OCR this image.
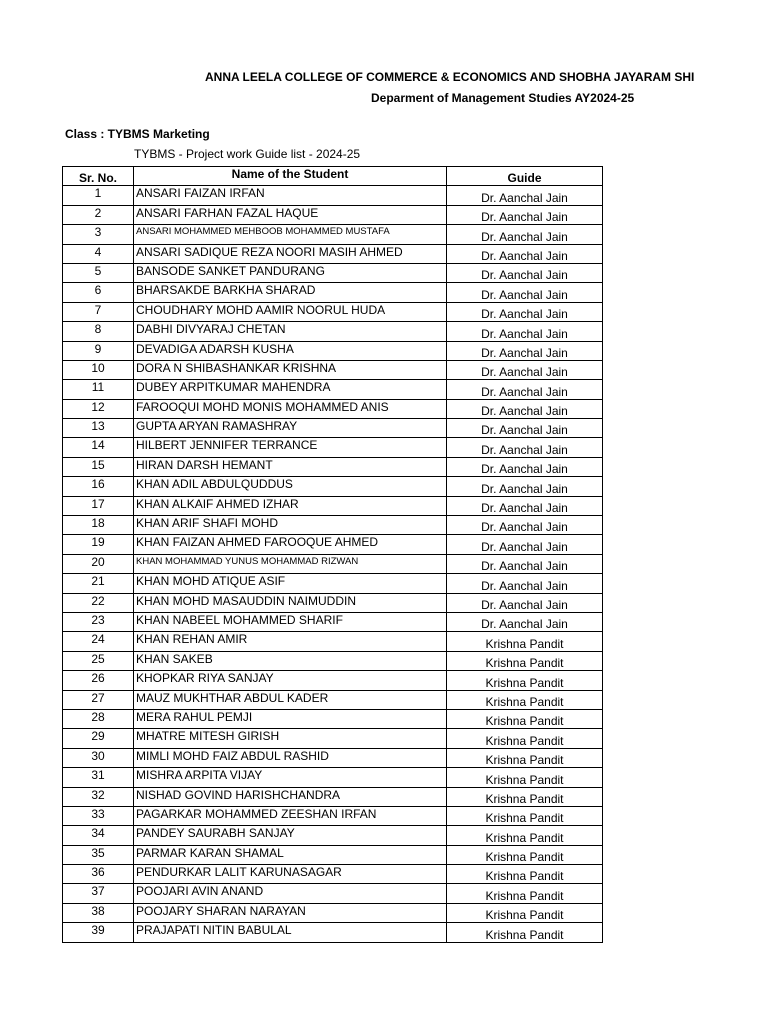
ANNA LEELA COLLEGE OF COMMERCE & ECONOMICS AND SHOBHA JAYARAM SHI
Deparment of Management Studies AY2024-25
Class : TYBMS Marketing
TYBMS - Project work Guide list - 2024-25
Sr. No.	Name of the Student	Guide
1	ANSARI FAIZAN IRFAN	Dr. Aanchal Jain
2	ANSARI FARHAN FAZAL HAQUE	Dr. Aanchal Jain
3	ANSARI MOHAMMED MEHBOOB MOHAMMED MUSTAFA	Dr. Aanchal Jain
4	ANSARI SADIQUE REZA NOORI MASIH AHMED	Dr. Aanchal Jain
5	BANSODE SANKET PANDURANG	Dr. Aanchal Jain
6	BHARSAKDE BARKHA SHARAD	Dr. Aanchal Jain
7	CHOUDHARY MOHD AAMIR NOORUL HUDA	Dr. Aanchal Jain
8	DABHI DIVYARAJ CHETAN	Dr. Aanchal Jain
9	DEVADIGA ADARSH KUSHA	Dr. Aanchal Jain
10	DORA N SHIBASHANKAR KRISHNA	Dr. Aanchal Jain
11	DUBEY ARPITKUMAR MAHENDRA	Dr. Aanchal Jain
12	FAROOQUI MOHD MONIS MOHAMMED ANIS	Dr. Aanchal Jain
13	GUPTA ARYAN RAMASHRAY	Dr. Aanchal Jain
14	HILBERT JENNIFER TERRANCE	Dr. Aanchal Jain
15	HIRAN DARSH HEMANT	Dr. Aanchal Jain
16	KHAN ADIL ABDULQUDDUS	Dr. Aanchal Jain
17	KHAN ALKAIF AHMED IZHAR	Dr. Aanchal Jain
18	KHAN ARIF SHAFI MOHD	Dr. Aanchal Jain
19	KHAN FAIZAN AHMED FAROOQUE AHMED	Dr. Aanchal Jain
20	KHAN MOHAMMAD YUNUS MOHAMMAD RIZWAN	Dr. Aanchal Jain
21	KHAN MOHD ATIQUE ASIF	Dr. Aanchal Jain
22	KHAN MOHD MASAUDDIN NAIMUDDIN	Dr. Aanchal Jain
23	KHAN NABEEL MOHAMMED SHARIF	Dr. Aanchal Jain
24	KHAN REHAN AMIR	Krishna Pandit
25	KHAN SAKEB	Krishna Pandit
26	KHOPKAR RIYA SANJAY	Krishna Pandit
27	MAUZ MUKHTHAR ABDUL KADER	Krishna Pandit
28	MERA RAHUL PEMJI	Krishna Pandit
29	MHATRE MITESH GIRISH	Krishna Pandit
30	MIMLI MOHD FAIZ ABDUL RASHID	Krishna Pandit
31	MISHRA ARPITA VIJAY	Krishna Pandit
32	NISHAD GOVIND HARISHCHANDRA	Krishna Pandit
33	PAGARKAR MOHAMMED ZEESHAN IRFAN	Krishna Pandit
34	PANDEY SAURABH SANJAY	Krishna Pandit
35	PARMAR KARAN SHAMAL	Krishna Pandit
36	PENDURKAR LALIT KARUNASAGAR	Krishna Pandit
37	POOJARI AVIN ANAND	Krishna Pandit
38	POOJARY SHARAN NARAYAN	Krishna Pandit
39	PRAJAPATI NITIN BABULAL	Krishna Pandit
